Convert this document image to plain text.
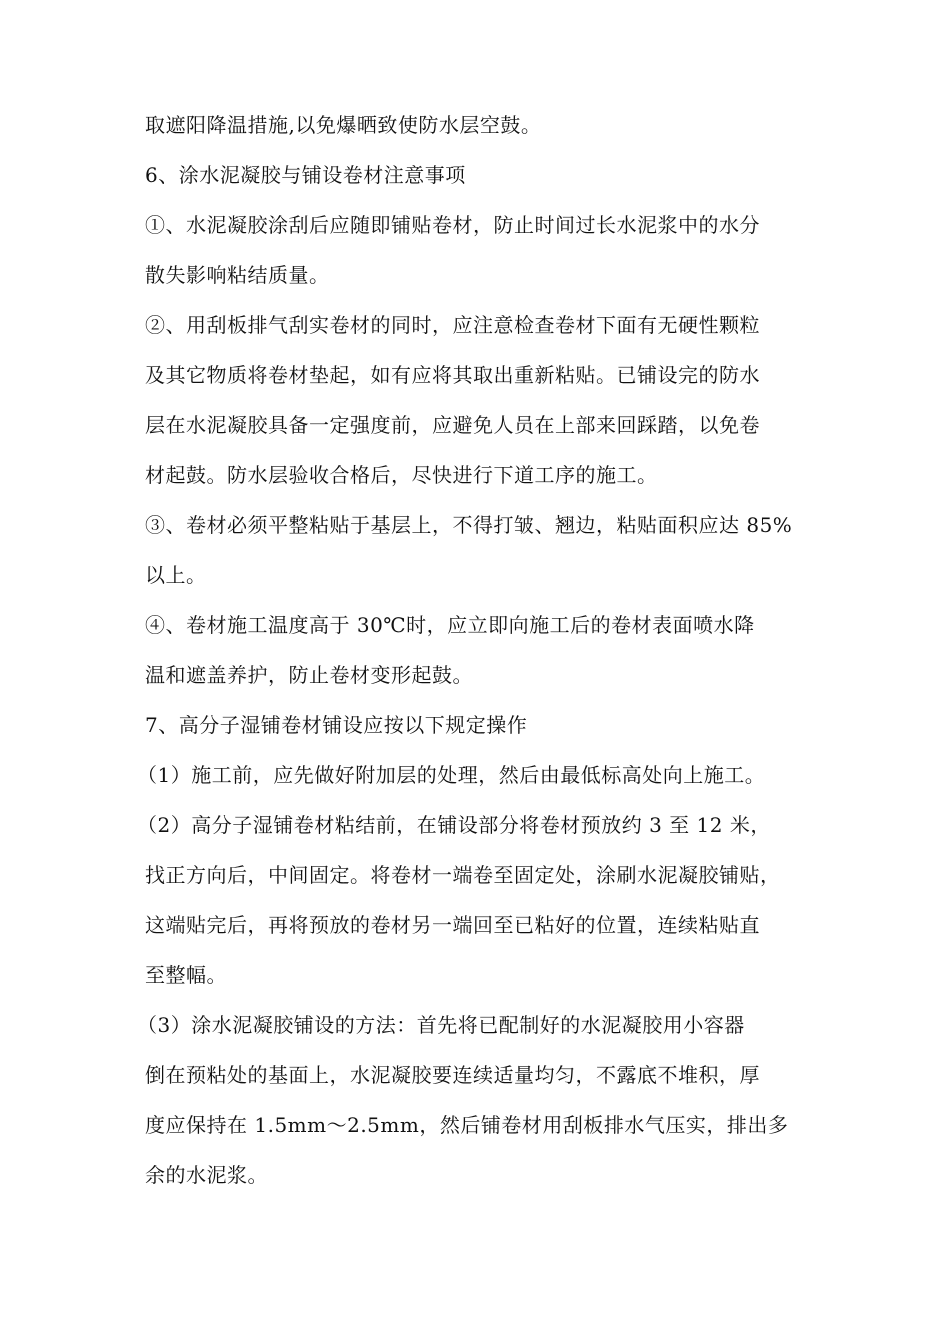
取遮阳降温措施,以免爆晒致使防水层空鼓。
6、涂水泥凝胶与铺设卷材注意事项
①、水泥凝胶涂刮后应随即铺贴卷材，防止时间过长水泥浆中的水分
散失影响粘结质量。
②、用刮板排气刮实卷材的同时，应注意检查卷材下面有无硬性颗粒
及其它物质将卷材垫起，如有应将其取出重新粘贴。已铺设完的防水
层在水泥凝胶具备一定强度前，应避免人员在上部来回踩踏，以免卷
材起鼓。防水层验收合格后，尽快进行下道工序的施工。
③、卷材必须平整粘贴于基层上，不得打皱、翘边，粘贴面积应达 85%
以上。
④、卷材施工温度高于 30℃时，应立即向施工后的卷材表面喷水降
温和遮盖养护，防止卷材变形起鼓。
7、高分子湿铺卷材铺设应按以下规定操作
（1）施工前，应先做好附加层的处理，然后由最低标高处向上施工。
（2）高分子湿铺卷材粘结前，在铺设部分将卷材预放约 3 至 12 米，
找正方向后，中间固定。将卷材一端卷至固定处，涂刷水泥凝胶铺贴，
这端贴完后，再将预放的卷材另一端回至已粘好的位置，连续粘贴直
至整幅。
（3）涂水泥凝胶铺设的方法：首先将已配制好的水泥凝胶用小容器
倒在预粘处的基面上，水泥凝胶要连续适量均匀，不露底不堆积，厚
度应保持在 1.5mm～2.5mm，然后铺卷材用刮板排水气压实，排出多
余的水泥浆。
